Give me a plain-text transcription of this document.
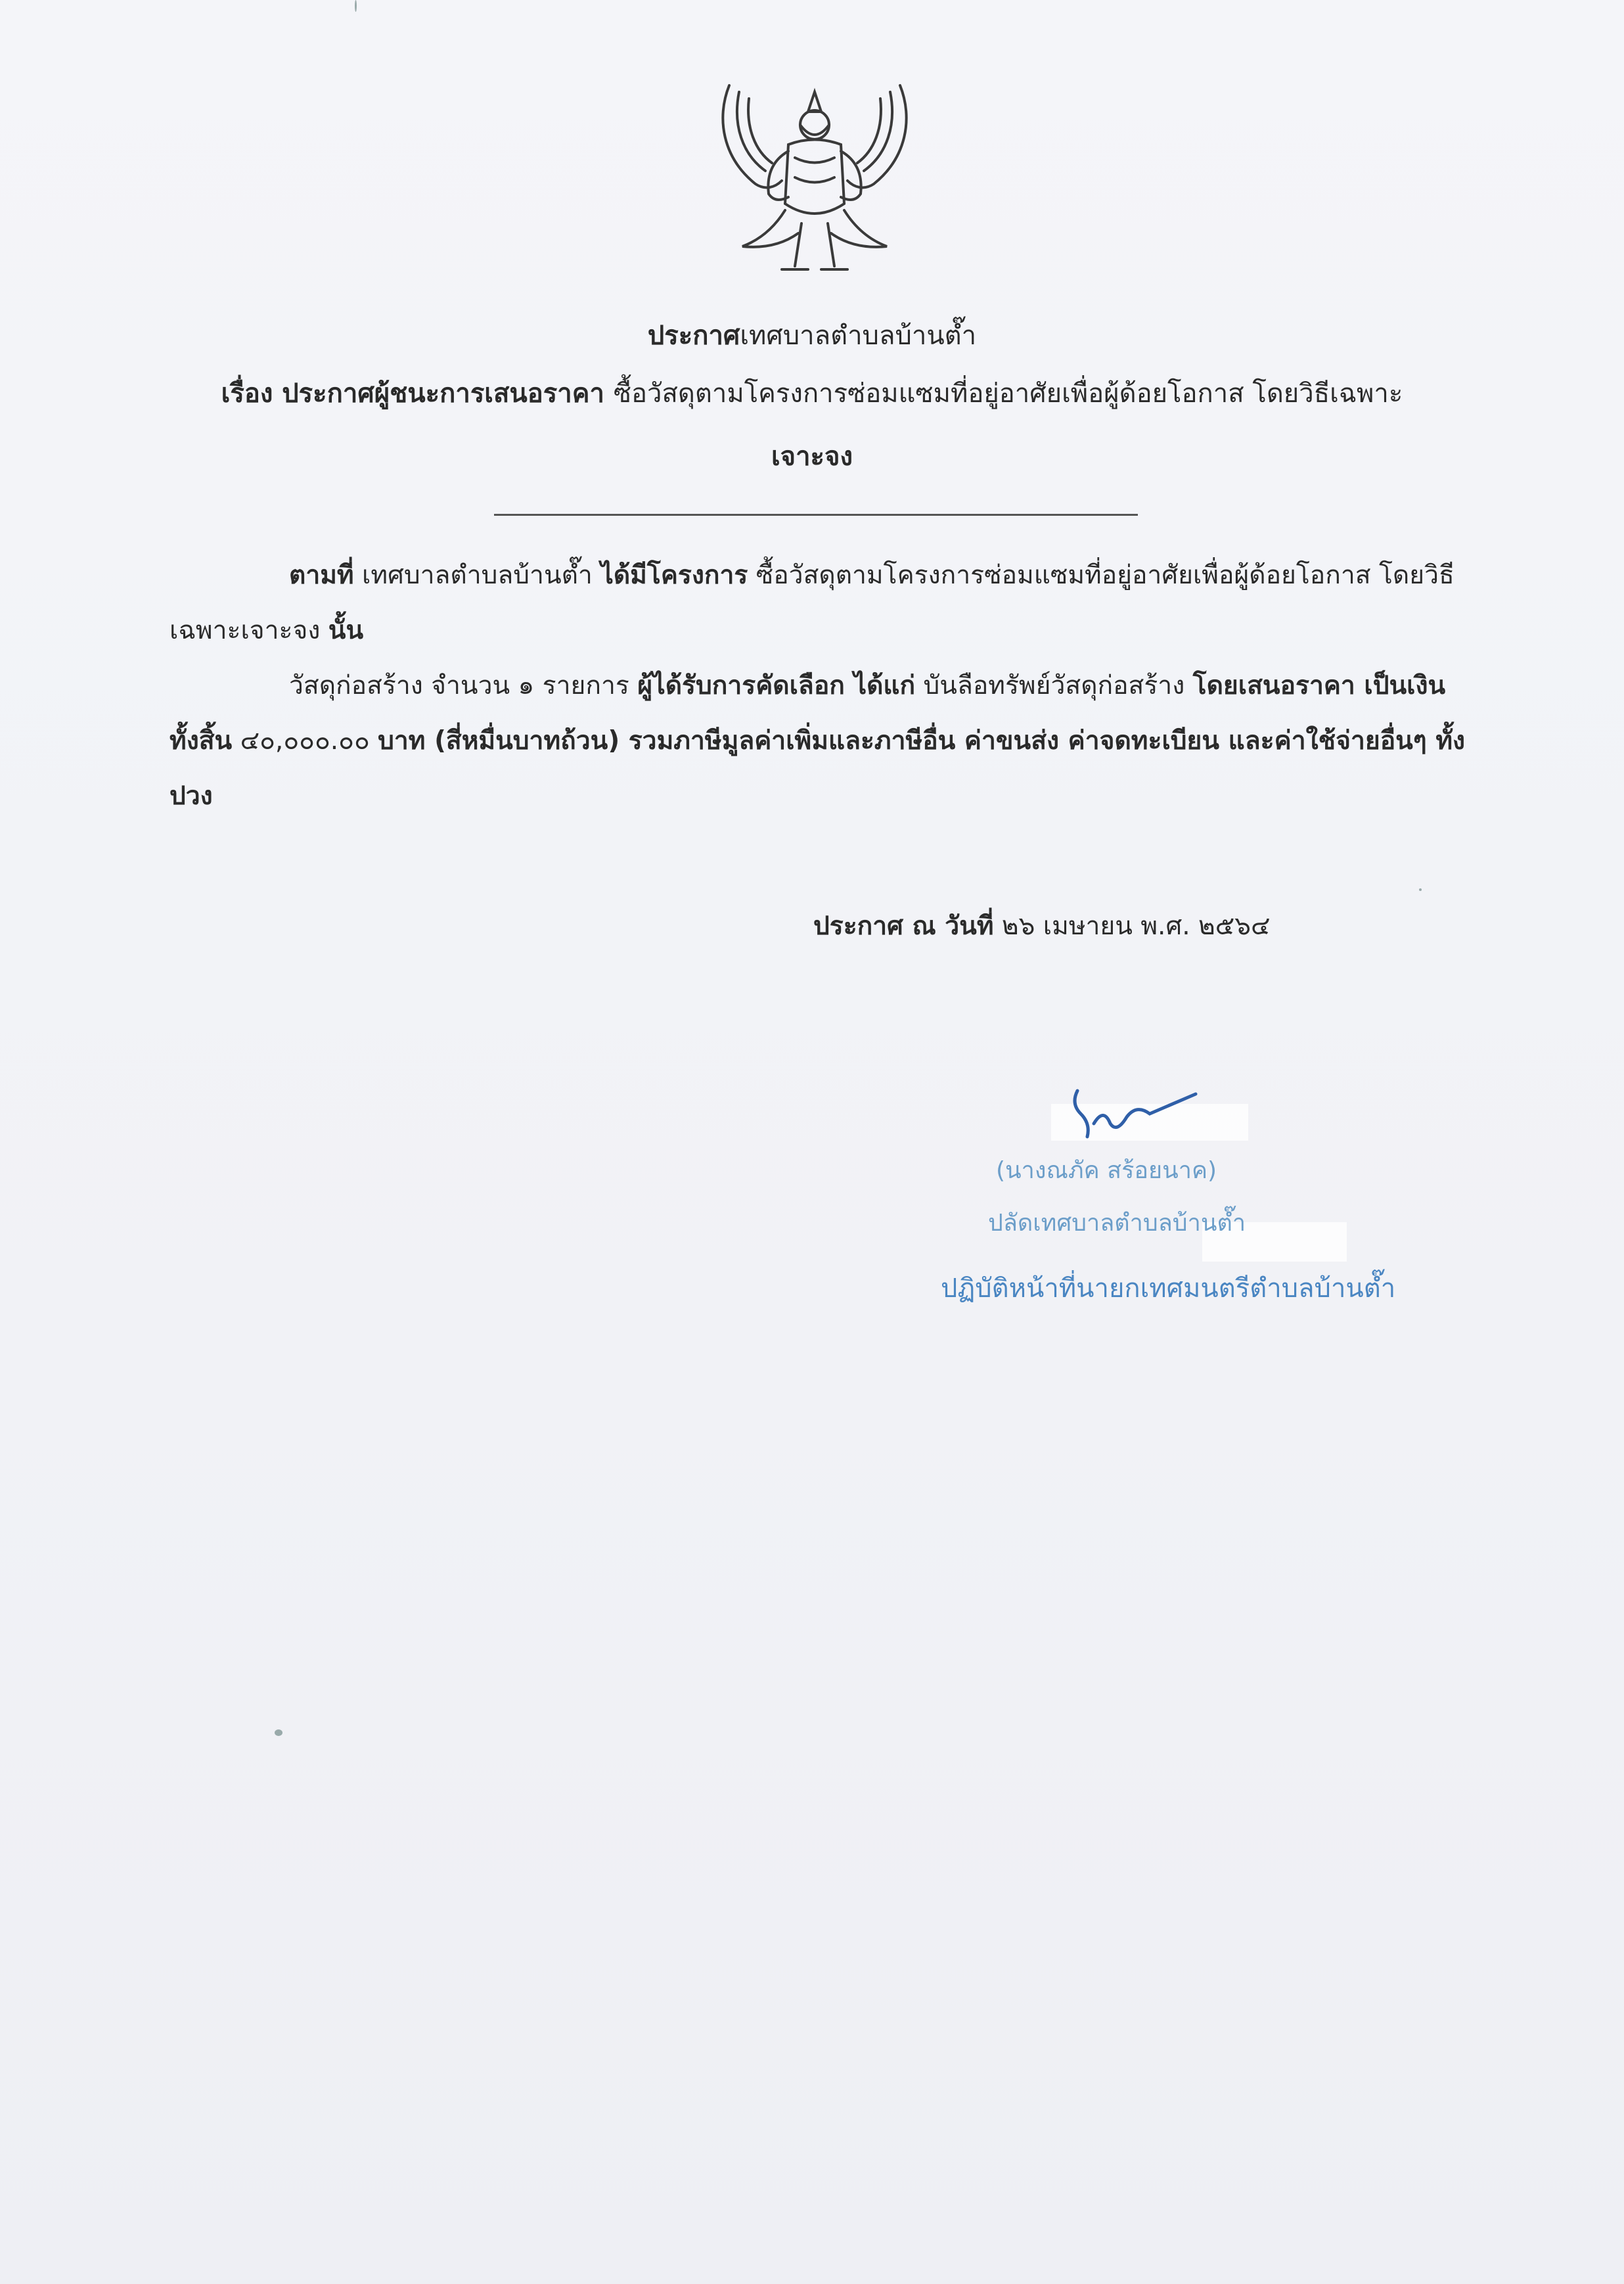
ประกาศเทศบาลตำบลบ้านต๊ำ
เรื่อง ประกาศผู้ชนะการเสนอราคา ซื้อวัสดุตามโครงการซ่อมแซมที่อยู่อาศัยเพื่อผู้ด้อยโอกาส โดยวิธีเฉพาะ
เจาะจง
ตามที่ เทศบาลตำบลบ้านต๊ำ ได้มีโครงการ ซื้อวัสดุตามโครงการซ่อมแซมที่อยู่อาศัยเพื่อผู้ด้อยโอกาส โดยวิธีเฉพาะเจาะจง นั้น
วัสดุก่อสร้าง จำนวน ๑ รายการ ผู้ได้รับการคัดเลือก ได้แก่ บันลือทรัพย์วัสดุก่อสร้าง โดยเสนอราคา เป็นเงินทั้งสิ้น ๔๐,๐๐๐.๐๐ บาท (สี่หมื่นบาทถ้วน) รวมภาษีมูลค่าเพิ่มและภาษีอื่น ค่าขนส่ง ค่าจดทะเบียน และค่าใช้จ่ายอื่นๆ ทั้งปวง
ประกาศ ณ วันที่ ๒๖ เมษายน พ.ศ. ๒๕๖๔
(นางณภัค สร้อยนาค)
ปลัดเทศบาลตำบลบ้านต๊ำ
ปฏิบัติหน้าที่นายกเทศมนตรีตำบลบ้านต๊ำ
